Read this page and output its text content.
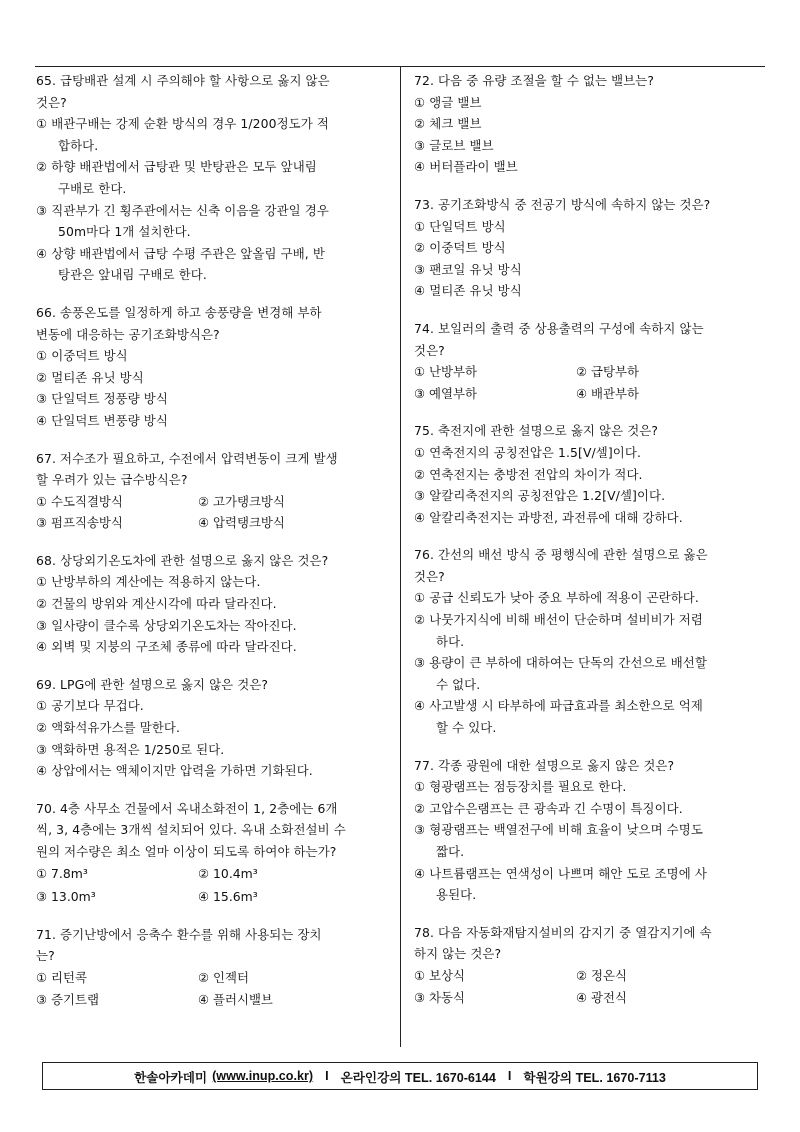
65. 급탕배관 설계 시 주의해야 할 사항으로 옳지 않은
것은?
① 배관구배는 강제 순환 방식의 경우 1/200정도가 적
합하다.
② 하향 배관법에서 급탕관 및 반탕관은 모두 앞내림
구배로 한다.
③ 직관부가 긴 횡주관에서는 신축 이음을 강관일 경우
50m마다 1개 설치한다.
④ 상향 배관법에서 급탕 수평 주관은 앞올림 구배, 반
탕관은 앞내림 구배로 한다.
66. 송풍온도를 일정하게 하고 송풍량을 변경해 부하
변동에 대응하는 공기조화방식은?
① 이중덕트 방식
② 멀티존 유닛 방식
③ 단일덕트 정풍량 방식
④ 단일덕트 변풍량 방식
67. 저수조가 필요하고, 수전에서 압력변동이 크게 발생
할 우려가 있는 급수방식은?
① 수도직결방식	② 고가탱크방식
③ 펌프직송방식	④ 압력탱크방식
68. 상당외기온도차에 관한 설명으로 옳지 않은 것은?
① 난방부하의 계산에는 적용하지 않는다.
② 건물의 방위와 계산시각에 따라 달라진다.
③ 일사량이 클수록 상당외기온도차는 작아진다.
④ 외벽 및 지붕의 구조체 종류에 따라 달라진다.
69. LPG에 관한 설명으로 옳지 않은 것은?
① 공기보다 무겁다.
② 액화석유가스를 말한다.
③ 액화하면 용적은 1/250로 된다.
④ 상압에서는 액체이지만 압력을 가하면 기화된다.
70. 4층 사무소 건물에서 옥내소화전이 1, 2층에는 6개
씩, 3, 4층에는 3개씩 설치되어 있다. 옥내 소화전설비 수
원의 저수량은 최소 얼마 이상이 되도록 하여야 하는가?
① 7.8m³	② 10.4m³
③ 13.0m³	④ 15.6m³
71. 증기난방에서 응축수 환수를 위해 사용되는 장치
는?
① 리턴콕	② 인젝터
③ 증기트랩	④ 플러시밸브
72. 다음 중 유량 조절을 할 수 없는 밸브는?
① 앵글 밸브
② 체크 밸브
③ 글로브 밸브
④ 버터플라이 밸브
73. 공기조화방식 중 전공기 방식에 속하지 않는 것은?
① 단일덕트 방식
② 이중덕트 방식
③ 팬코일 유닛 방식
④ 멀티존 유닛 방식
74. 보일러의 출력 중 상용출력의 구성에 속하지 않는
것은?
① 난방부하	② 급탕부하
③ 예열부하	④ 배관부하
75. 축전지에 관한 설명으로 옳지 않은 것은?
① 연축전지의 공칭전압은 1.5[V/셀]이다.
② 연축전지는 충방전 전압의 차이가 적다.
③ 알칼리축전지의 공칭전압은 1.2[V/셀]이다.
④ 알칼리축전지는 과방전, 과전류에 대해 강하다.
76. 간선의 배선 방식 중 평행식에 관한 설명으로 옳은
것은?
① 공급 신뢰도가 낮아 중요 부하에 적용이 곤란하다.
② 나뭇가지식에 비해 배선이 단순하며 설비비가 저렴
하다.
③ 용량이 큰 부하에 대하여는 단독의 간선으로 배선할
수 없다.
④ 사고발생 시 타부하에 파급효과를 최소한으로 억제
할 수 있다.
77. 각종 광원에 대한 설명으로 옳지 않은 것은?
① 형광램프는 점등장치를 필요로 한다.
② 고압수은램프는 큰 광속과 긴 수명이 특징이다.
③ 형광램프는 백열전구에 비해 효율이 낮으며 수명도
짧다.
④ 나트륨램프는 연색성이 나쁘며 해안 도로 조명에 사
용된다.
78. 다음 자동화재탐지설비의 감지기 중 열감지기에 속
하지 않는 것은?
① 보상식	② 정온식
③ 차동식	④ 광전식
한솔아카데미 (www.inup.co.kr) I 온라인강의 TEL. 1670-6144 I 학원강의 TEL. 1670-7113
